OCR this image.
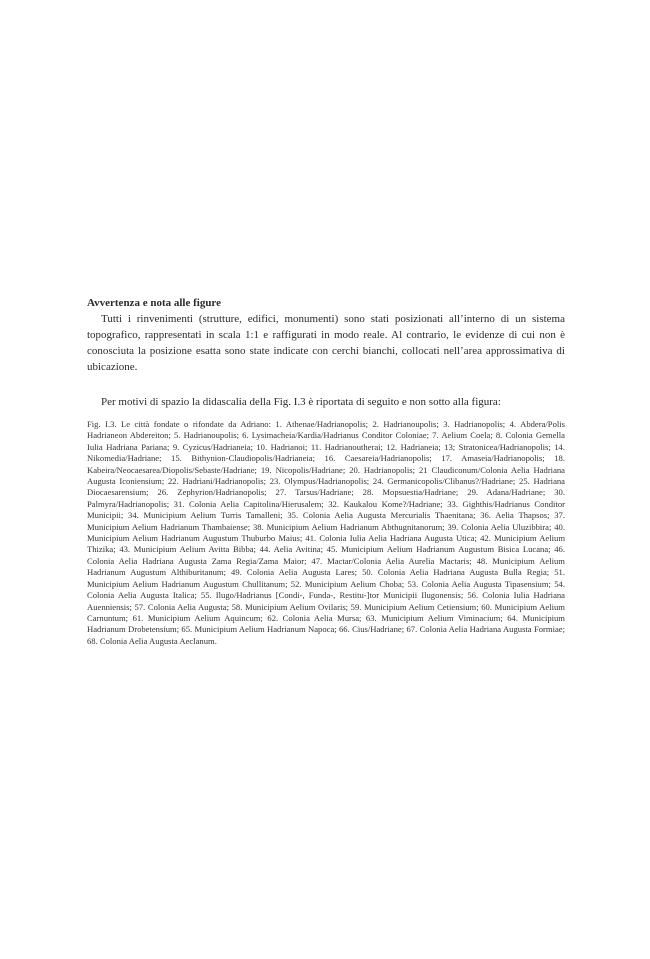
Avvertenza e nota alle figure

Tutti i rinvenimenti (strutture, edifici, monumenti) sono stati posizionati all’interno di un sistema topografico, rappresentati in scala 1:1 e raffigurati in modo reale. Al contrario, le evidenze di cui non è conosciuta la posizione esatta sono state indicate con cerchi bianchi, collocati nell’area approssimativa di ubicazione.

Per motivi di spazio la didascalia della Fig. I.3 è riportata di seguito e non sotto alla figura:

Fig. I.3. Le città fondate o rifondate da Adriano: 1. Athenae/Hadrianopolis; 2. Hadrianoupolis; 3. Hadrianopolis; 4. Abdera/Polis Hadrianeon Abdereiton; 5. Hadrianoupolis; 6. Lysimacheia/Kardia/Hadrianus Conditor Coloniae; 7. Aelium Coela; 8. Colonia Gemella Iulia Hadriana Pariana; 9. Cyzicus/Hadrianeia; 10. Hadrianoi; 11. Hadrianoutherai; 12. Hadrianeia; 13; Stratonicea/Hadrianopolis; 14. Nikomedia/Hadriane; 15. Bithynion-Claudiopolis/Hadrianeia; 16. Caesareia/Hadrianopolis; 17. Amaseia/Hadrianopolis; 18. Kabeira/Neocaesarea/Diopolis/Sebaste/Hadriane; 19. Nicopolis/Hadriane; 20. Hadrianopolis; 21 Claudiconum/Colonia Aelia Hadriana Augusta Iconiensium; 22. Hadriani/Hadrianopolis; 23. Olympus/Hadrianopolis; 24. Germanicopolis/Clibanus?/Hadriane; 25. Hadriana Diocaesarensium; 26. Zephyrion/Hadrianopolis; 27. Tarsus/Hadriane; 28. Mopsuestia/Hadriane; 29. Adana/Hadriane; 30. Palmyra/Hadrianopolis; 31. Colonia Aelia Capitolina/Hierusalem; 32. Kaukalou Kome?/Hadriane; 33. Gighthis/Hadrianus Conditor Municipii; 34. Municipium Aelium Turris Tamalleni; 35. Colonia Aelia Augusta Mercurialis Thaenitana; 36. Aelia Thapsos; 37. Municipium Aelium Hadrianum Thambaiense; 38. Municipium Aelium Hadrianum Abthugnitanorum; 39. Colonia Aelia Uluzibbira; 40. Municipium Aelium Hadrianum Augustum Thuburbo Maius; 41. Colonia Iulia Aelia Hadriana Augusta Utica; 42. Municipium Aelium Thizika; 43. Municipium Aelium Avitta Bibba; 44. Aelia Avitina; 45. Municipium Aelium Hadrianum Augustum Bisica Lucana; 46. Colonia Aelia Hadriana Augusta Zama Regia/Zama Maior; 47. Mactar/Colonia Aelia Aurelia Mactaris; 48. Municipium Aelium Hadrianum Augustum Althiburitanum; 49. Colonia Aelia Augusta Lares; 50. Colonia Aelia Hadriana Augusta Bulla Regia; 51. Municipium Aelium Hadrianum Augustum Chullitanum; 52. Municipium Aelium Choba; 53. Colonia Aelia Augusta Tipasensium; 54. Colonia Aelia Augusta Italica; 55. Ilugo/Hadrianus [Condi-, Funda-, Restitu-]tor Municipii Ilugonensis; 56. Colonia Iulia Hadriana Auenniensis; 57. Colonia Aelia Augusta; 58. Municipium Aelium Ovilaris; 59. Municipium Aelium Cetiensium; 60. Municipium Aelium Carnuntum; 61. Municipium Aelium Aquincum; 62. Colonia Aelia Mursa; 63. Municipium Aelium Viminacium; 64. Municipium Hadrianum Drobetensium; 65. Municipium Aelium Hadrianum Napoca; 66. Cius/Hadriane; 67. Colonia Aelia Hadriana Augusta Formiae; 68. Colonia Aelia Augusta Aeclanum.
